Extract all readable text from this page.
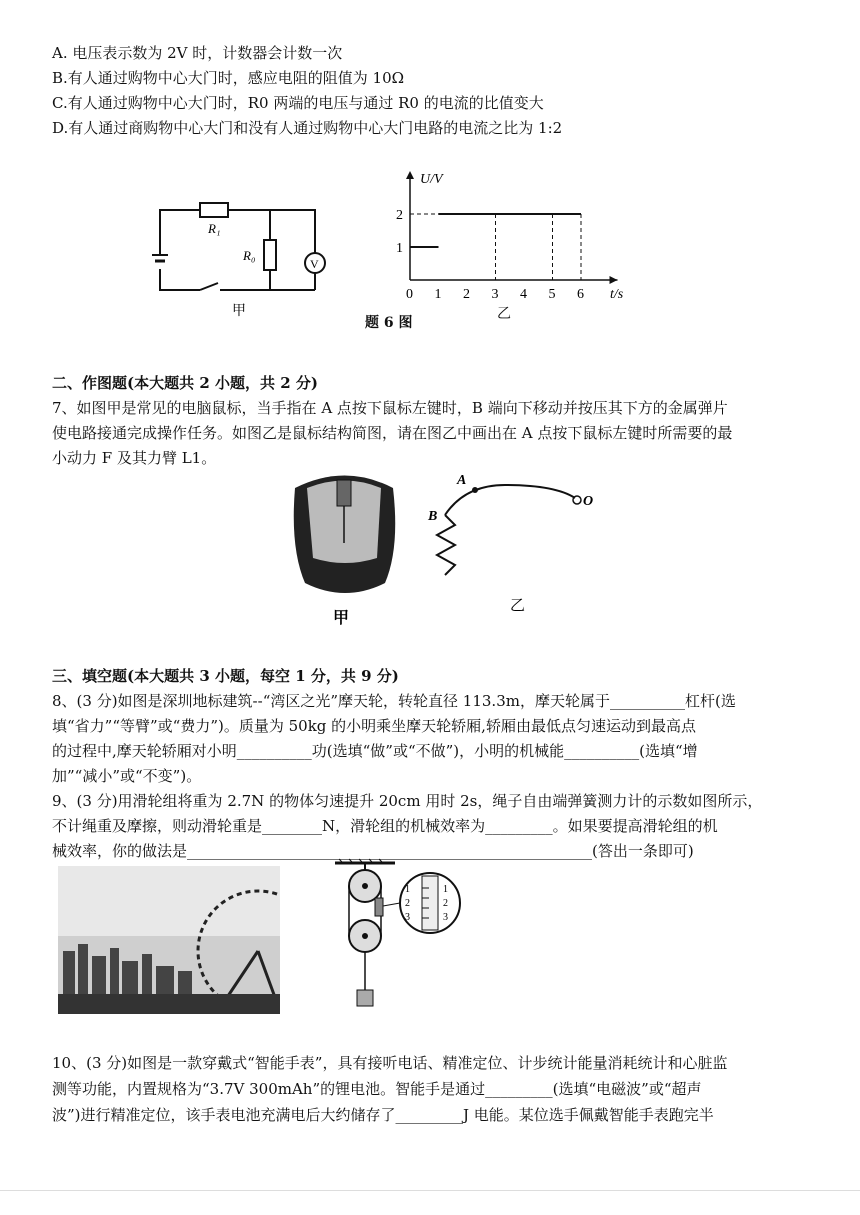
A. 电压表示数为 2V 时，计数器会计数一次
B.有人通过购物中心大门时，感应电阻的阻值为 10Ω
C.有人通过购物中心大门时，R0 两端的电压与通过 R0 的电流的比值变大
D.有人通过商购物中心大门和没有人通过购物中心大门电路的电流之比为 1:2
R₁
R₀
V
甲
U/V
t/s
0 1 2 3 4 5 6
1
2
乙
题 6 图
二、作图题(本大题共 2 小题，共 2 分)
7、如图甲是常见的电脑鼠标，当手指在 A 点按下鼠标左键时，B 端向下移动并按压其下方的金属弹片
使电路接通完成操作任务。如图乙是鼠标结构简图，请在图乙中画出在 A 点按下鼠标左键时所需要的最
小动力 F 及其力臂 L1。
甲
A
B
O
乙
三、填空题(本大题共 3 小题，每空 1 分，共 9 分)
8、(3 分)如图是深圳地标建筑--“湾区之光”摩天轮，转轮直径 113.3m，摩天轮属于__________杠杆(选
填“省力”“等臂”或“费力”)。质量为 50kg 的小明乘坐摩天轮轿厢,轿厢由最低点匀速运动到最高点
的过程中,摩天轮轿厢对小明__________功(选填“做”或“不做”)，小明的机械能__________(选填“增
加”“减小”或“不变”)。
9、(3 分)用滑轮组将重为 2.7N 的物体匀速提升 20cm 用时 2s，绳子自由端弹簧测力计的示数如图所示，
不计绳重及摩擦，则动滑轮重是________N，滑轮组的机械效率为_________。如果要提高滑轮组的机
械效率，你的做法是______________________________________________________(答出一条即可)
1
2
3
1
2
3
10、(3 分)如图是一款穿戴式“智能手表”，具有接听电话、精准定位、计步统计能量消耗统计和心脏监
测等功能，内置规格为“3.7V 300mAh”的锂电池。智能手是通过_________(选填“电磁波”或“超声
波”)进行精准定位，该手表电池充满电后大约储存了_________J 电能。某位选手佩戴智能手表跑完半
